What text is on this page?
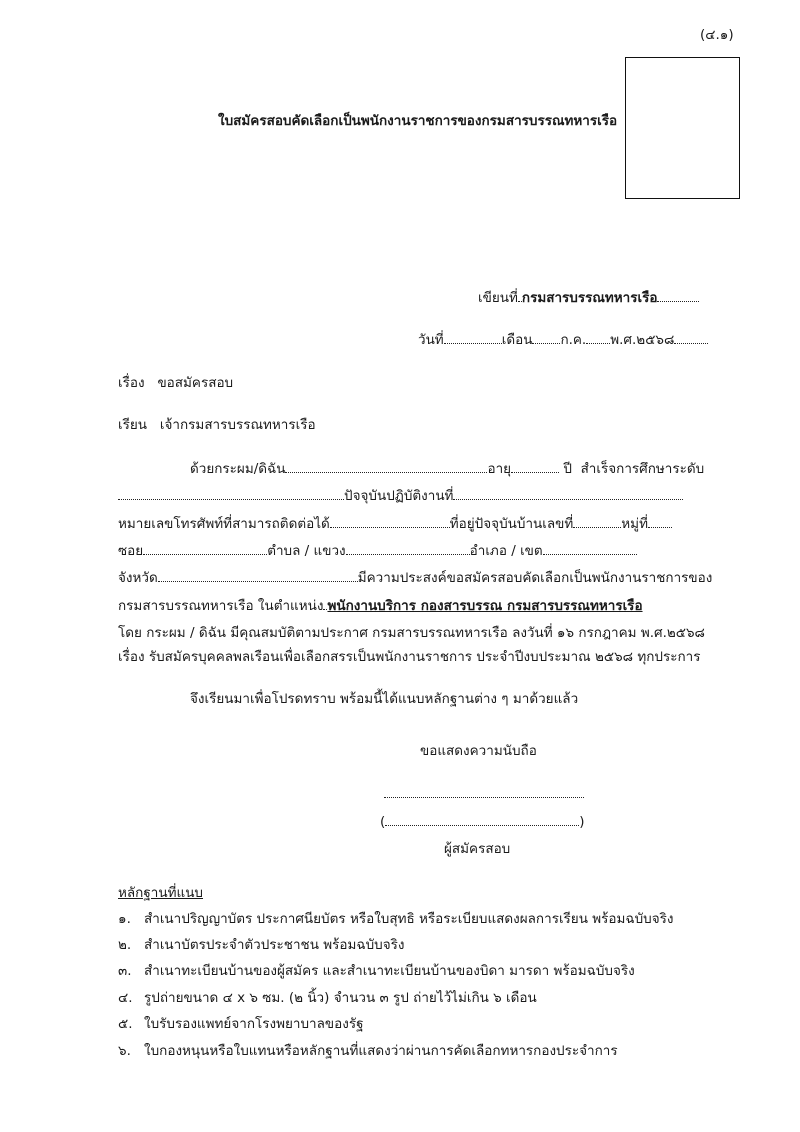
(๔.๑)
ใบสมัครสอบคัดเลือกเป็นพนักงานราชการของกรมสารบรรณทหารเรือ
เขียนที่ กรมสารบรรณทหารเรือ
วันที่	เดือน ก.ค. พ.ศ.๒๕๖๘
เรื่อง ขอสมัครสอบ
เรียน เจ้ากรมสารบรรณทหารเรือ
ด้วยกระผม/ดิฉัน	อายุ	ปี สำเร็จการศึกษาระดับ
ปัจจุบันปฏิบัติงานที่
หมายเลขโทรศัพท์ที่สามารถติดต่อได้	ที่อยู่ปัจจุบันบ้านเลขที่	หมู่ที่
ซอย	ตำบล / แขวง	อำเภอ / เขต
จังหวัด	มีความประสงค์ขอสมัครสอบคัดเลือกเป็นพนักงานราชการของ
กรมสารบรรณทหารเรือ ในตำแหน่ง พนักงานบริการ กองสารบรรณ กรมสารบรรณทหารเรือ
โดย กระผม / ดิฉัน มีคุณสมบัติตามประกาศ กรมสารบรรณทหารเรือ ลงวันที่ ๑๖ กรกฎาคม พ.ศ.๒๕๖๘
เรื่อง รับสมัครบุคคลพลเรือนเพื่อเลือกสรรเป็นพนักงานราชการ ประจำปีงบประมาณ ๒๕๖๘ ทุกประการ
จึงเรียนมาเพื่อโปรดทราบ พร้อมนี้ได้แนบหลักฐานต่าง ๆ มาด้วยแล้ว
ขอแสดงความนับถือ
(	)
ผู้สมัครสอบ
หลักฐานที่แนบ
๑. สำเนาปริญญาบัตร ประกาศนียบัตร หรือใบสุทธิ หรือระเบียบแสดงผลการเรียน พร้อมฉบับจริง
๒. สำเนาบัตรประจำตัวประชาชน พร้อมฉบับจริง
๓. สำเนาทะเบียนบ้านของผู้สมัคร และสำเนาทะเบียนบ้านของบิดา มารดา พร้อมฉบับจริง
๔. รูปถ่ายขนาด ๔ x ๖ ซม. (๒ นิ้ว) จำนวน ๓ รูป ถ่ายไว้ไม่เกิน ๖ เดือน
๕. ใบรับรองแพทย์จากโรงพยาบาลของรัฐ
๖. ใบกองหนุนหรือใบแทนหรือหลักฐานที่แสดงว่าผ่านการคัดเลือกทหารกองประจำการ
